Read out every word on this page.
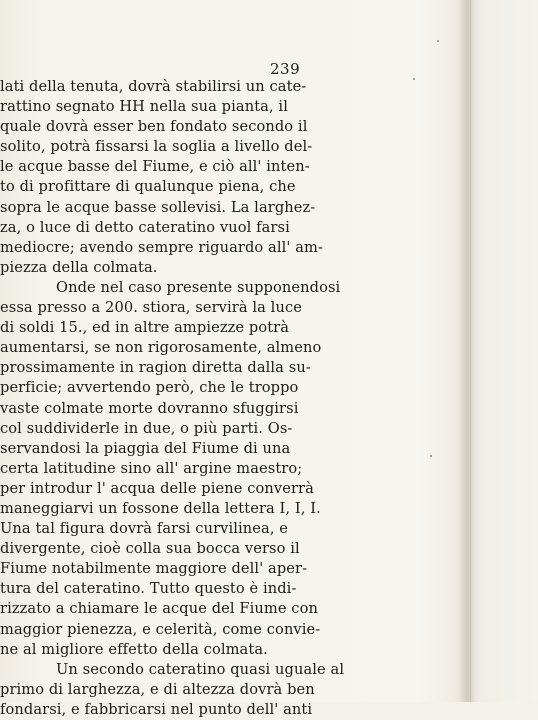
239
lati della tenuta, dovrà stabilirsi un cate-
rattino segnato HH nella sua pianta, il
quale dovrà esser ben fondato secondo il
solito, potrà fissarsi la soglia a livello del-
le acque basse del Fiume, e ciò all' inten-
to di profittare di qualunque piena, che
sopra le acque basse sollevisi. La larghez-
za, o luce di detto cateratino vuol farsi
mediocre; avendo sempre riguardo all' am-
piezza della colmata.
Onde nel caso presente supponendosi
essa presso a 200. stiora, servirà la luce
di soldi 15., ed in altre ampiezze potrà
aumentarsi, se non rigorosamente, almeno
prossimamente in ragion diretta dalla su-
perficie; avvertendo però, che le troppo
vaste colmate morte dovranno sfuggirsi
col suddividerle in due, o più parti. Os-
servandosi la piaggia del Fiume di una
certa latitudine sino all' argine maestro;
per introdur l' acqua delle piene converrà
maneggiarvi un fossone della lettera I, I, I.
Una tal figura dovrà farsi curvilinea, e
divergente, cioè colla sua bocca verso il
Fiume notabilmente maggiore dell' aper-
tura del cateratino. Tutto questo è indi-
rizzato a chiamare le acque del Fiume con
maggior pienezza, e celerità, come convie-
ne al migliore effetto della colmata.
Un secondo cateratino quasi uguale al
primo di larghezza, e di altezza dovrà ben
fondarsi, e fabbricarsi nel punto dell' anti
